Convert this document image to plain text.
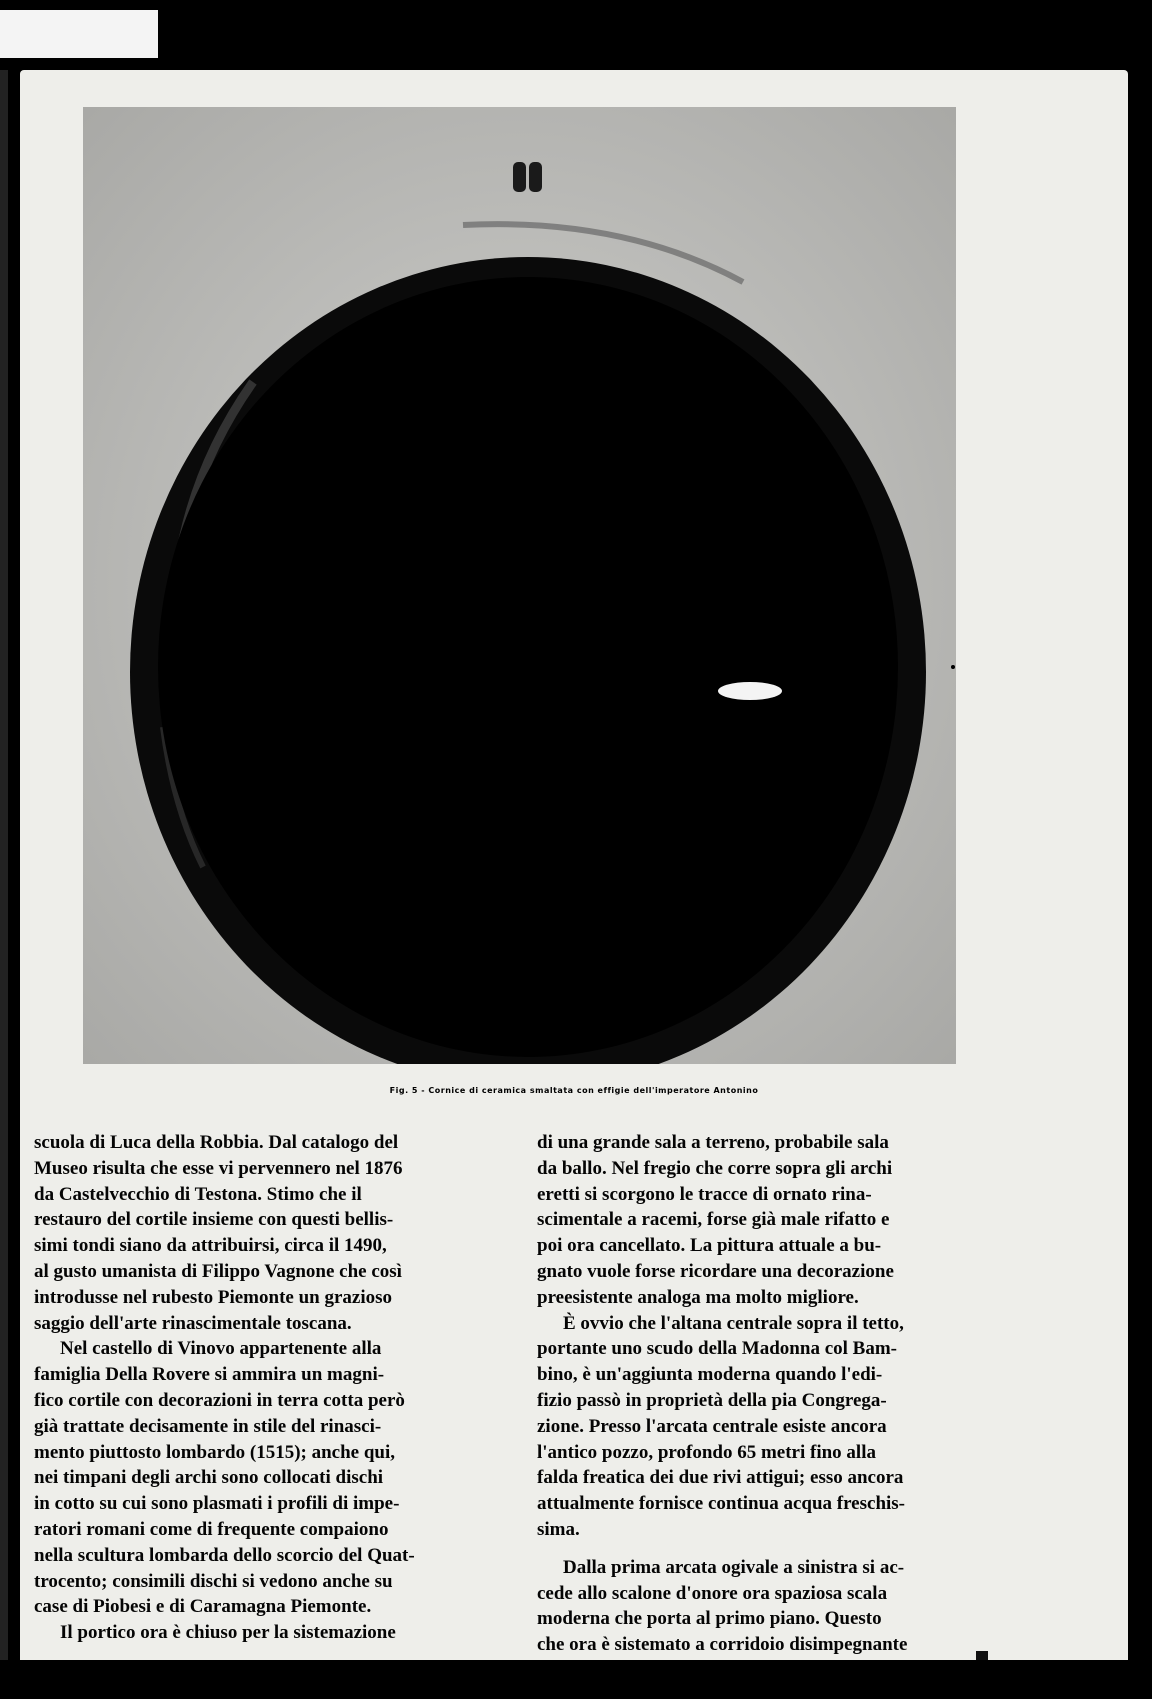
Fig. 5 - Cornice di ceramica smaltata con effigie dell'imperatore Antonino

scuola di Luca della Robbia. Dal catalogo del
Museo risulta che esse vi pervennero nel 1876
da Castelvecchio di Testona. Stimo che il
restauro del cortile insieme con questi bellis-
simi tondi siano da attribuirsi, circa il 1490,
al gusto umanista di Filippo Vagnone che così
introdusse nel rubesto Piemonte un grazioso
saggio dell'arte rinascimentale toscana.

Nel castello di Vinovo appartenente alla
famiglia Della Rovere si ammira un magni-
fico cortile con decorazioni in terra cotta però
già trattate decisamente in stile del rinasci-
mento piuttosto lombardo (1515); anche qui,
nei timpani degli archi sono collocati dischi
in cotto su cui sono plasmati i profili di impe-
ratori romani come di frequente compaiono
nella scultura lombarda dello scorcio del Quat-
trocento; consimili dischi si vedono anche su
case di Piobesi e di Caramagna Piemonte.

Il portico ora è chiuso per la sistemazione

di una grande sala a terreno, probabile sala
da ballo. Nel fregio che corre sopra gli archi
eretti si scorgono le tracce di ornato rina-
scimentale a racemi, forse già male rifatto e
poi ora cancellato. La pittura attuale a bu-
gnato vuole forse ricordare una decorazione
preesistente analoga ma molto migliore.

È ovvio che l'altana centrale sopra il tetto,
portante uno scudo della Madonna col Bam-
bino, è un'aggiunta moderna quando l'edi-
fizio passò in proprietà della pia Congrega-
zione. Presso l'arcata centrale esiste ancora
l'antico pozzo, profondo 65 metri fino alla
falda freatica dei due rivi attigui; esso ancora
attualmente fornisce continua acqua freschis-
sima.

Dalla prima arcata ogivale a sinistra si ac-
cede allo scalone d'onore ora spaziosa scala
moderna che porta al primo piano. Questo
che ora è sistemato a corridoio disimpegnante
